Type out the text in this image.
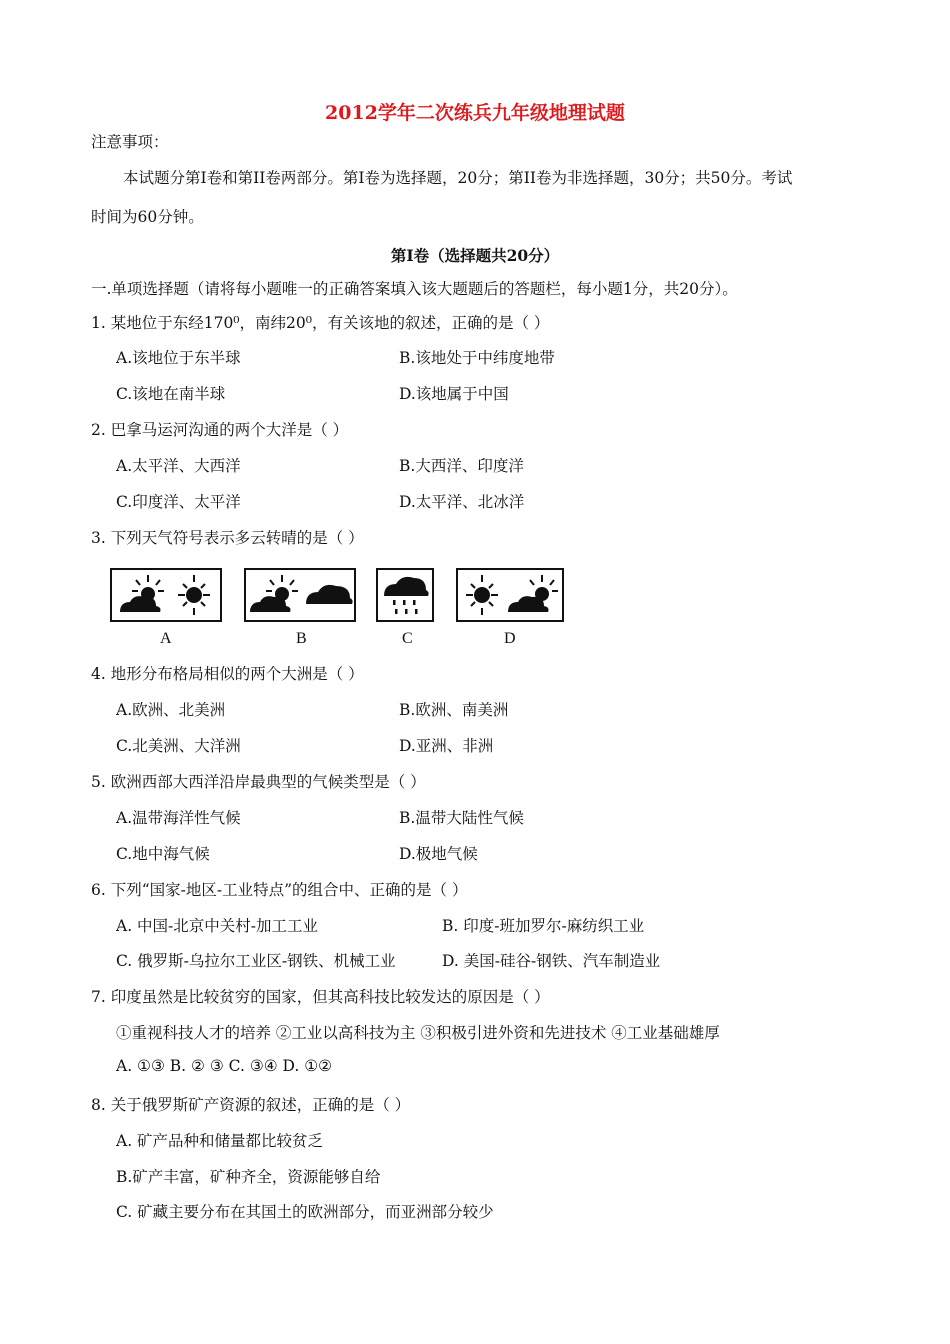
2012学年二次练兵九年级地理试题
注意事项：
本试题分第I卷和第II卷两部分。第I卷为选择题，20分；第II卷为非选择题，30分；共50分。考试
时间为60分钟。
第I卷（选择题共20分）
一.单项选择题（请将每小题唯一的正确答案填入该大题题后的答题栏，每小题1分，共20分）。
1. 某地位于东经170⁰，南纬20⁰，有关该地的叙述，正确的是（ ）
A.该地位于东半球	B.该地处于中纬度地带
C.该地在南半球	D.该地属于中国
2. 巴拿马运河沟通的两个大洋是（ ）
A.太平洋、大西洋	B.大西洋、印度洋
C.印度洋、太平洋	D.太平洋、北冰洋
3. 下列天气符号表示多云转晴的是（ ）
A	B	C	D
4. 地形分布格局相似的两个大洲是（ ）
A.欧洲、北美洲	B.欧洲、南美洲
C.北美洲、大洋洲	D.亚洲、非洲
5. 欧洲西部大西洋沿岸最典型的气候类型是（ ）
A.温带海洋性气候	B.温带大陆性气候
C.地中海气候	D.极地气候
6. 下列“国家-地区-工业特点”的组合中、正确的是（ ）
A. 中国-北京中关村-加工工业	B. 印度-班加罗尔-麻纺织工业
C. 俄罗斯-乌拉尔工业区-钢铁、机械工业	D. 美国-硅谷-钢铁、汽车制造业
7. 印度虽然是比较贫穷的国家，但其高科技比较发达的原因是（ ）
①重视科技人才的培养 ②工业以高科技为主 ③积极引进外资和先进技术 ④工业基础雄厚
A. ①③ B. ② ③ C. ③④ D. ①②
8. 关于俄罗斯矿产资源的叙述，正确的是（ ）
A. 矿产品种和储量都比较贫乏
B.矿产丰富，矿种齐全，资源能够自给
C. 矿藏主要分布在其国土的欧洲部分，而亚洲部分较少
